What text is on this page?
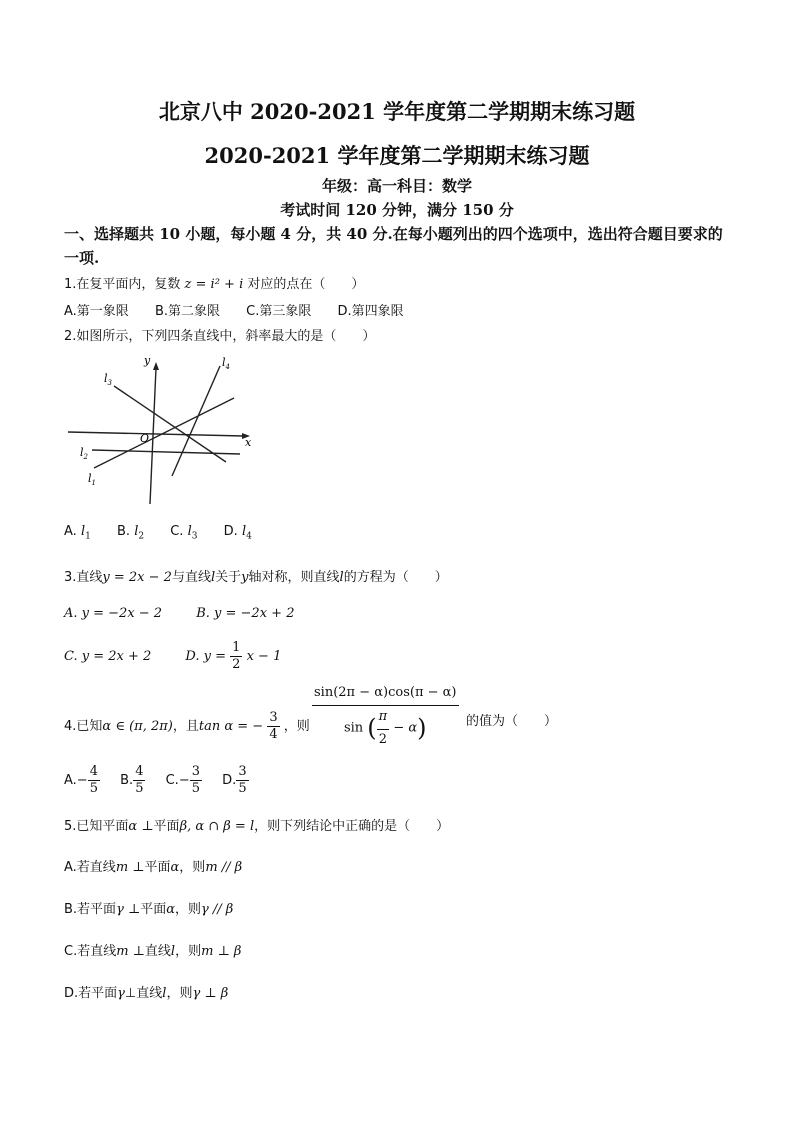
北京八中 2020-2021 学年度第二学期期末练习题
2020-2021 学年度第二学期期末练习题
年级：高一科目：数学
考试时间 120 分钟，满分 150 分
一、选择题共 10 小题，每小题 4 分，共 40 分.在每小题列出的四个选项中，选出符合题目要求的一项.
1.在复平面内，复数 z = i² + i 对应的点在（　　）
A.第一象限 B.第二象限 C.第三象限 D.第四象限
2.如图所示，下列四条直线中，斜率最大的是（　　）
y
x
O
$l_3$
$l_4$
$l_2$
$l_1$
A. $l_1$ B. $l_2$ C. $l_3$ D. $l_4$
3.直线y = 2x − 2与直线l关于y轴对称，则直线l的方程为（　　）
A. y = −2x − 2	B. y = −2x + 2
C. y = 2x + 2	D. $y = \frac{1}{2}$ x − 1
4.已知α ∈ (π, 2π)，且tan α = − $\frac{3}{4}$ ，则 $\frac{\sin(2\pi - \alpha)\cos(\pi - \alpha)}{\sin ( \frac{\pi}{2} - \alpha)}$ 的值为（　　）
$A.- \frac{4}{5} B$. $\frac{4}{5} C.- \frac{3}{5} D$. $\frac{3}{5}$
5.已知平面α ⊥平面β, α ∩ β = l，则下列结论中正确的是（　　）
A.若直线m ⊥平面α，则m // β
B.若平面γ ⊥平面α，则γ // β
C.若直线m ⊥直线l，则m ⊥ β
D.若平面γ⊥直线l，则γ ⊥ β
